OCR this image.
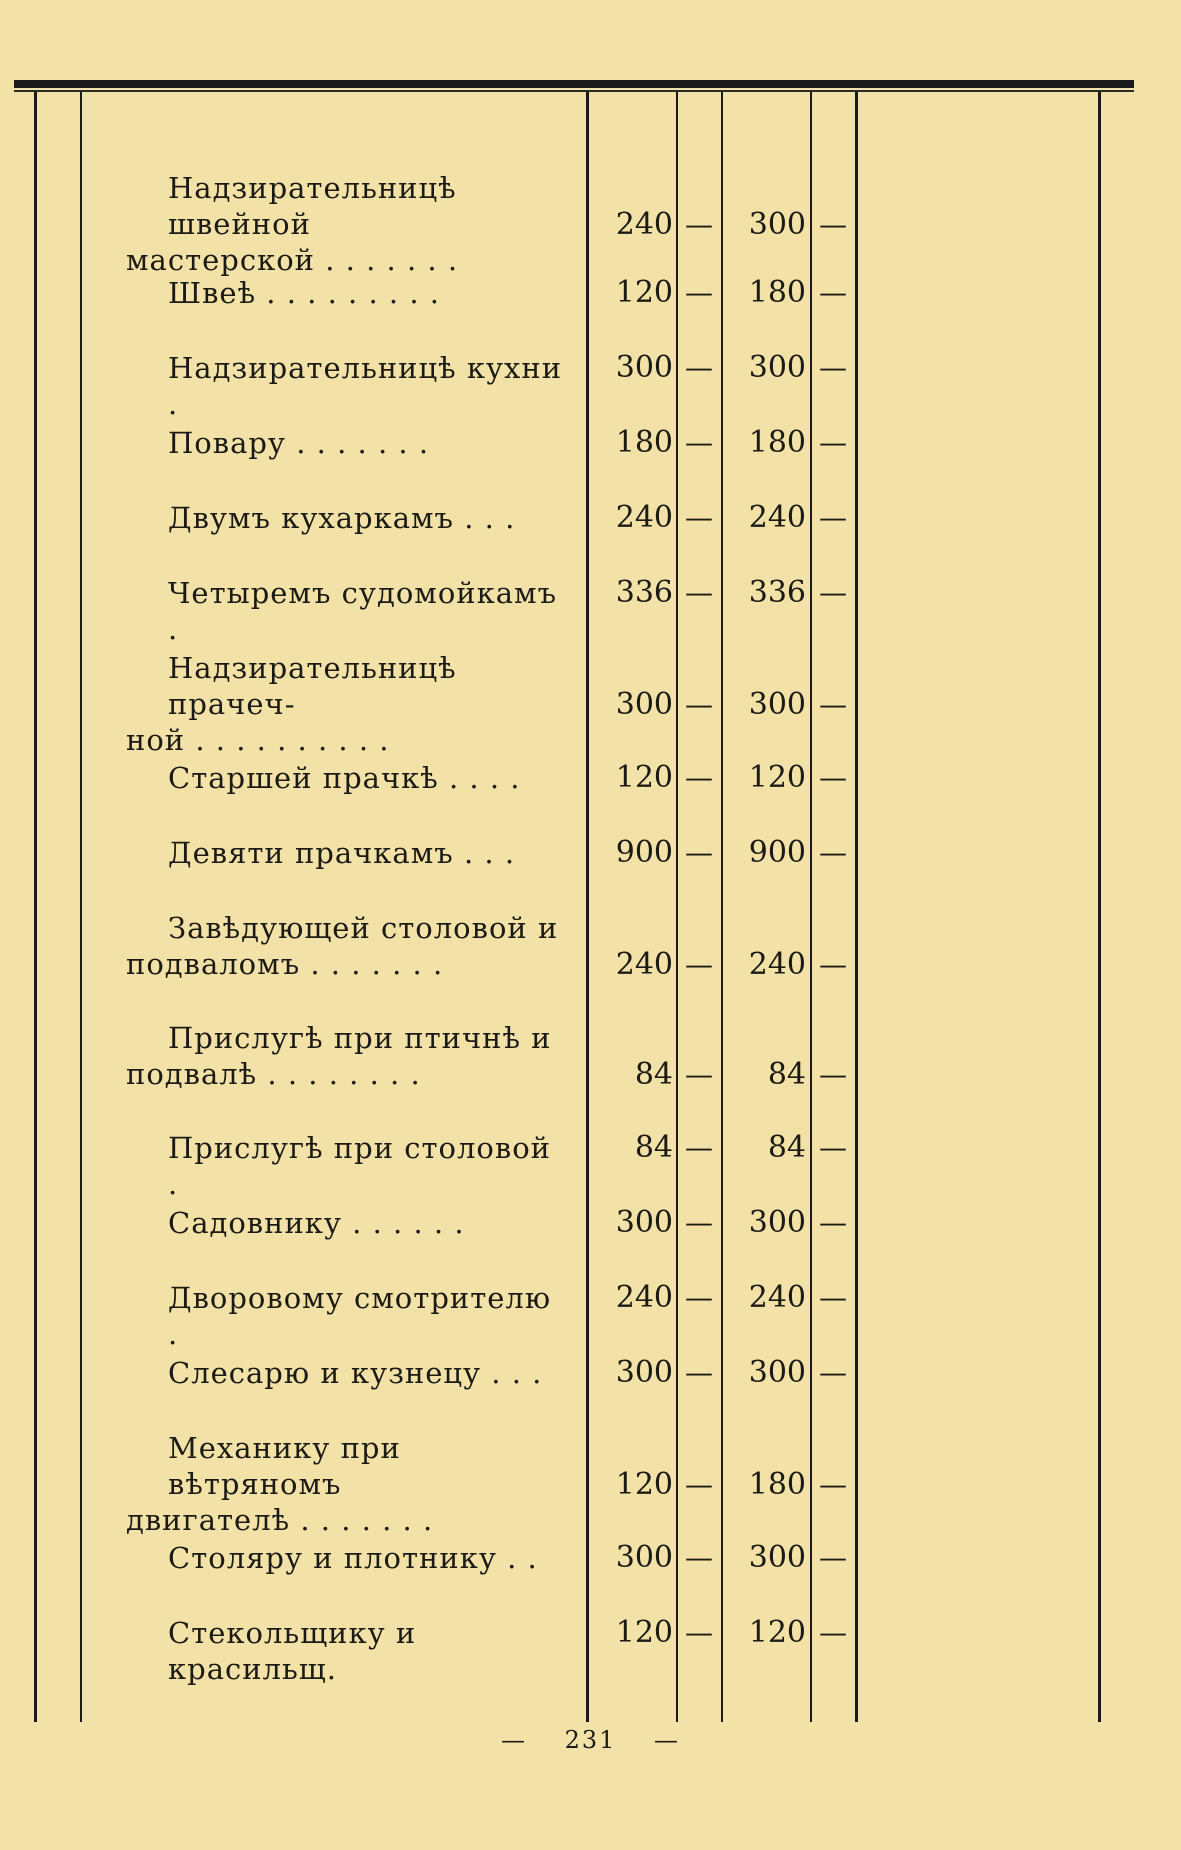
Надзирательницѣ швейной
мастерской . . . . . . .
240 —	300 —
Швеѣ . . . . . . . . .	120 —	180 —
Надзирательницѣ кухни .
300 —	300 —
Повару . . . . . . .	180 —	180 —
Двумъ кухаркамъ . . .	240 —	240 —
Четыремъ судомойкамъ .
336 —	336 —
Надзирательницѣ прачеч-
ной . . . . . . . . . .
300 —	300 —
Старшей прачкѣ . . . .	120 —	120 —
Девяти прачкамъ . . .	900 —	900 —
Завѣдующей столовой и
подваломъ . . . . . . .	240 —	240 —
Прислугѣ при птичнѣ и
подвалѣ . . . . . . . .	84 —	84 —
Прислугѣ при столовой .
84 —	84 —
Садовнику . . . . . .	300 —	300 —
Дворовому смотрителю .
240 —	240 —
Слесарю и кузнецу . . .	300 —	300 —
Механику при вѣтряномъ
двигателѣ . . . . . . .
120 —	180 —
Столяру и плотнику . .	300 —	300 —
Стекольщику и красильщ.
120 —	120 —
— 231 —
